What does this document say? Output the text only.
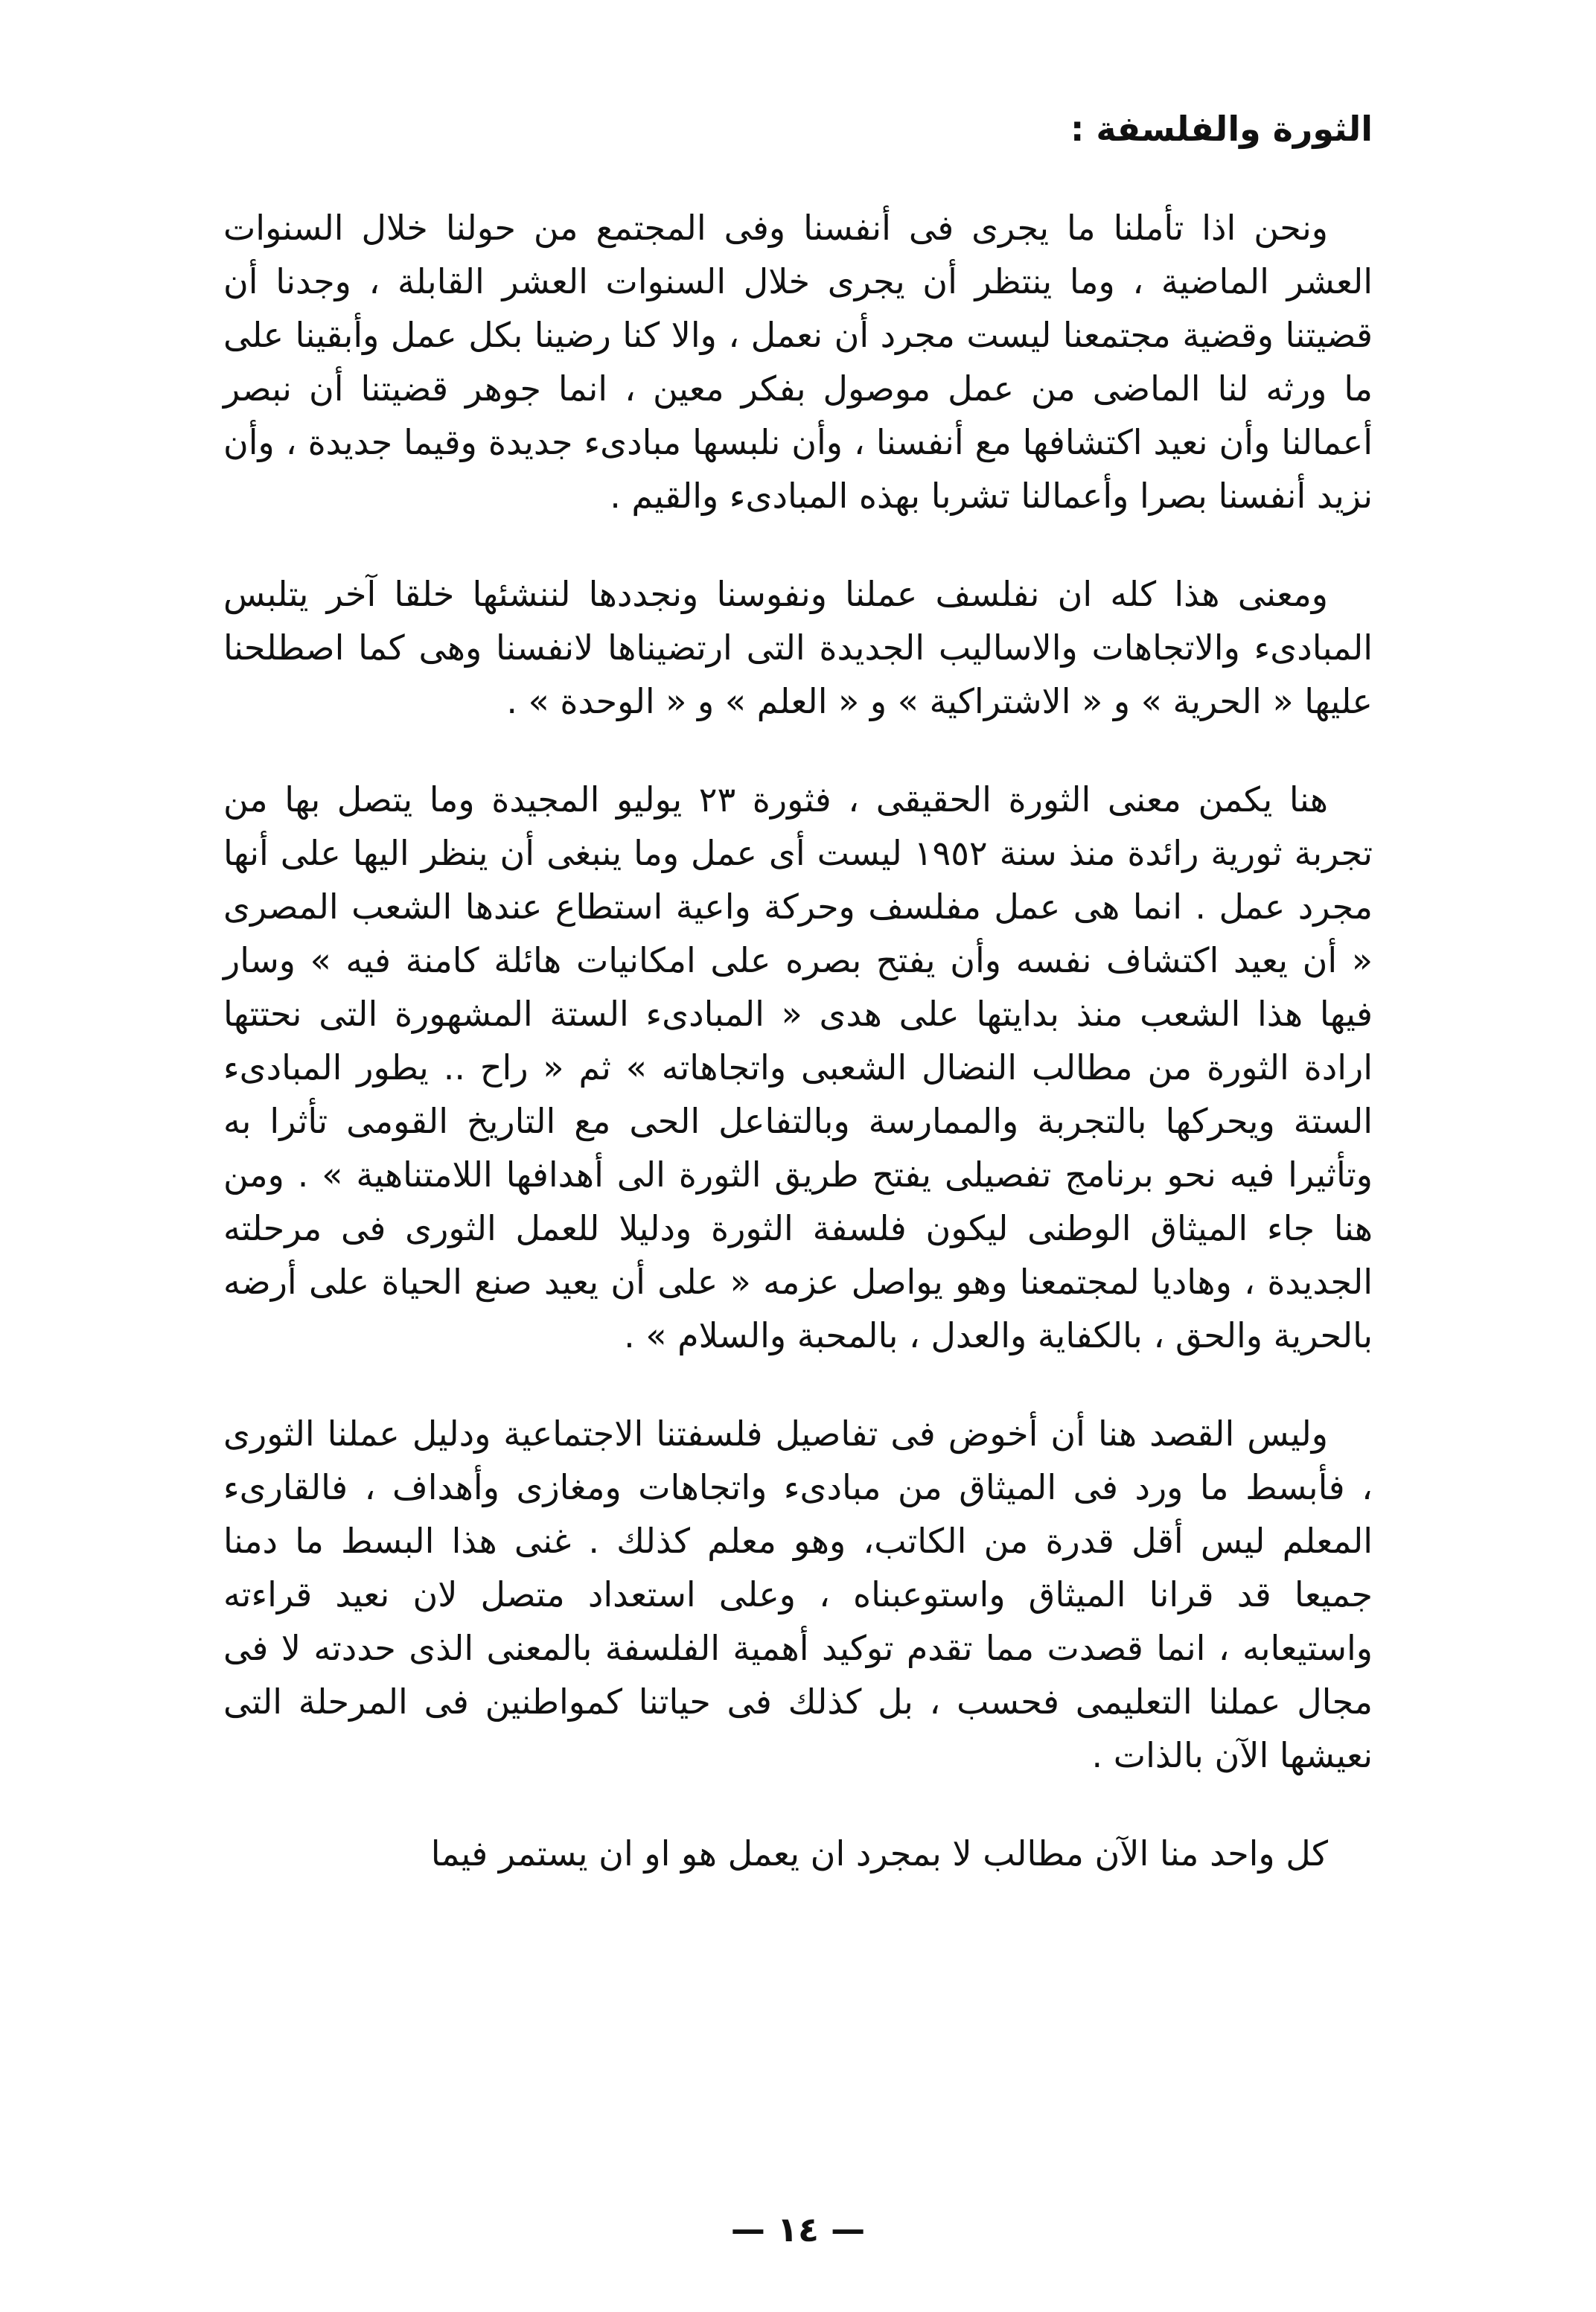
الثورة والفلسفة :

ونحن اذا تأملنا ما يجرى فى أنفسنا وفى المجتمع من حولنا خلال السنوات العشر الماضية ، وما ينتظر أن يجرى خلال السنوات العشر القابلة ، وجدنا أن قضيتنا وقضية مجتمعنا ليست مجرد أن نعمل ، والا كنا رضينا بكل عمل وأبقينا على ما ورثه لنا الماضى من عمل موصول بفكر معين ، انما جوهر قضيتنا أن نبصر أعمالنا وأن نعيد اكتشافها مع أنفسنا ، وأن نلبسها مبادىء جديدة وقيما جديدة ، وأن نزيد أنفسنا بصرا وأعمالنا تشربا بهذه المبادىء والقيم .

ومعنى هذا كله ان نفلسف عملنا ونفوسنا ونجددها لننشئها خلقا آخر يتلبس المبادىء والاتجاهات والاساليب الجديدة التى ارتضيناها لانفسنا وهى كما اصطلحنا عليها « الحرية » و « الاشتراكية » و « العلم » و « الوحدة » .

هنا يكمن معنى الثورة الحقيقى ، فثورة ٢٣ يوليو المجيدة وما يتصل بها من تجربة ثورية رائدة منذ سنة ١٩٥٢ ليست أى عمل وما ينبغى أن ينظر اليها على أنها مجرد عمل . انما هى عمل مفلسف وحركة واعية استطاع عندها الشعب المصرى « أن يعيد اكتشاف نفسه وأن يفتح بصره على امكانيات هائلة كامنة فيه » وسار فيها هذا الشعب منذ بدايتها على هدى « المبادىء الستة المشهورة التى نحتتها ارادة الثورة من مطالب النضال الشعبى واتجاهاته » ثم « راح .. يطور المبادىء الستة ويحركها بالتجربة والممارسة وبالتفاعل الحى مع التاريخ القومى تأثرا به وتأثيرا فيه نحو برنامج تفصيلى يفتح طريق الثورة الى أهدافها اللامتناهية » . ومن هنا جاء الميثاق الوطنى ليكون فلسفة الثورة ودليلا للعمل الثورى فى مرحلته الجديدة ، وهاديا لمجتمعنا وهو يواصل عزمه « على أن يعيد صنع الحياة على أرضه بالحرية والحق ، بالكفاية والعدل ، بالمحبة والسلام » .

وليس القصد هنا أن أخوض فى تفاصيل فلسفتنا الاجتماعية ودليل عملنا الثورى ، فأبسط ما ورد فى الميثاق من مبادىء واتجاهات ومغازى وأهداف ، فالقارىء المعلم ليس أقل قدرة من الكاتب، وهو معلم كذلك . غنى هذا البسط ما دمنا جميعا قد قرانا الميثاق واستوعبناه ، وعلى استعداد متصل لان نعيد قراءته واستيعابه ، انما قصدت مما تقدم توكيد أهمية الفلسفة بالمعنى الذى حددته لا فى مجال عملنا التعليمى فحسب ، بل كذلك فى حياتنا كمواطنين فى المرحلة التى نعيشها الآن بالذات .

كل واحد منا الآن مطالب لا بمجرد ان يعمل هو او ان يستمر فيما

— ١٤ —
